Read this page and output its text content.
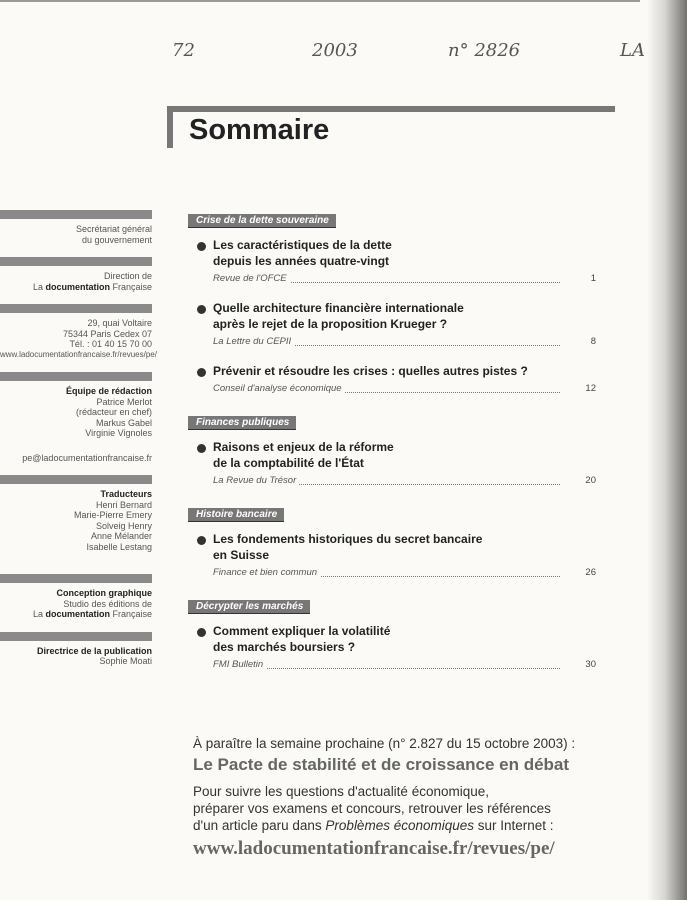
72	2003	n° 2826	LA
Sommaire
Secrétariat général
du gouvernement
Direction de
La documentation Française
29, quai Voltaire
75344 Paris Cedex 07
Tél. : 01 40 15 70 00
www.ladocumentationfrancaise.fr/revues/pe/
Équipe de rédaction
Patrice Merlot
(rédacteur en chef)
Markus Gabel
Virginie Vignoles
pe@ladocumentationfrancaise.fr
Traducteurs
Henri Bernard
Marie-Pierre Emery
Solveig Henry
Anne Mélander
Isabelle Lestang
Conception graphique
Studio des éditions de
La documentation Française
Directrice de la publication
Sophie Moati
Crise de la dette souveraine
Les caractéristiques de la dette
depuis les années quatre-vingt
Revue de l'OFCE	1
Quelle architecture financière internationale
après le rejet de la proposition Krueger ?
La Lettre du CEPII	8
Prévenir et résoudre les crises : quelles autres pistes ?
Conseil d'analyse économique	12
Finances publiques
Raisons et enjeux de la réforme
de la comptabilité de l'État
La Revue du Trésor	20
Histoire bancaire
Les fondements historiques du secret bancaire
en Suisse
Finance et bien commun	26
Décrypter les marchés
Comment expliquer la volatilité
des marchés boursiers ?
FMI Bulletin	30
À paraître la semaine prochaine (n° 2.827 du 15 octobre 2003) :
Le Pacte de stabilité et de croissance en débat
Pour suivre les questions d'actualité économique,
préparer vos examens et concours, retrouver les références
d'un article paru dans Problèmes économiques sur Internet :
www.ladocumentationfrancaise.fr/revues/pe/
